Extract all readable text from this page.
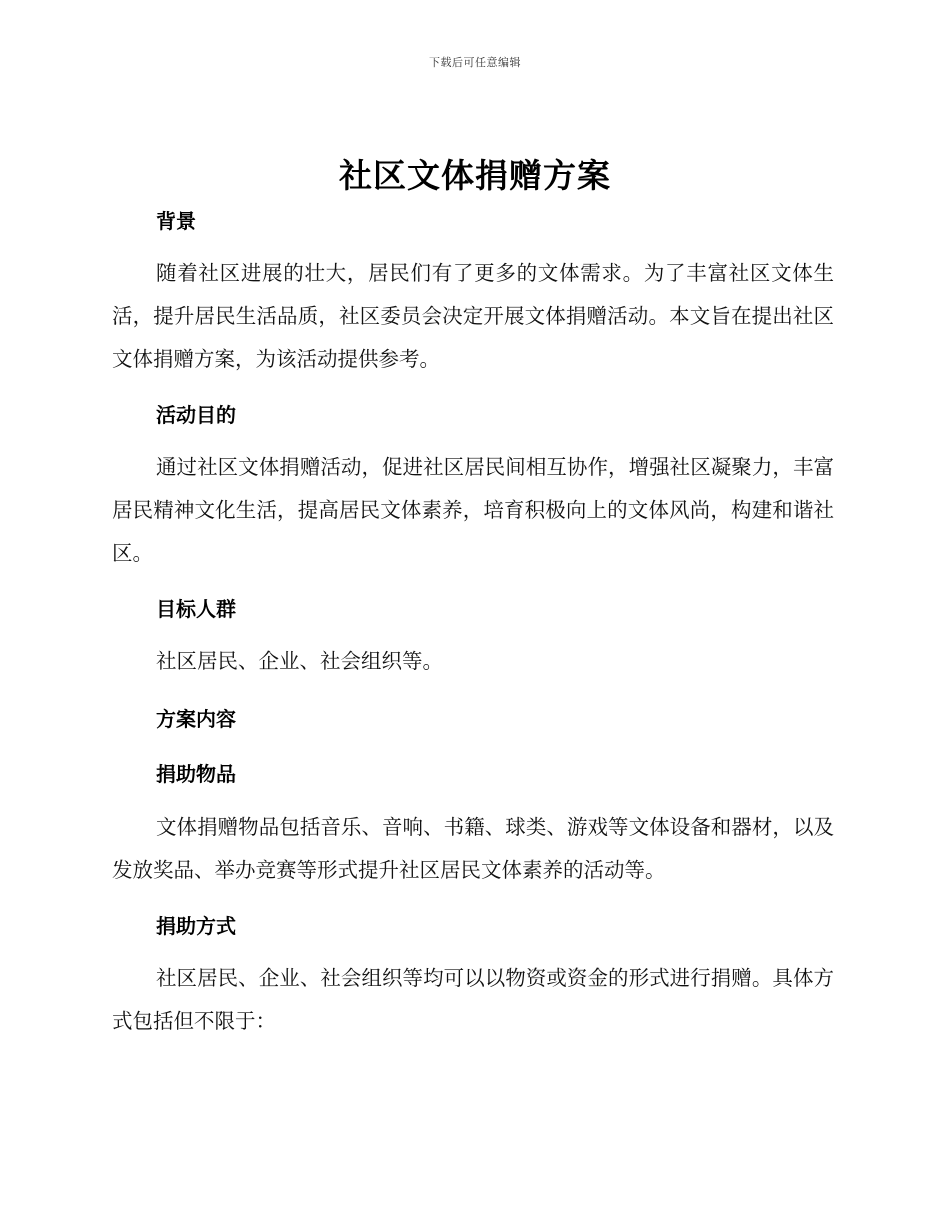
下载后可任意编辑
社区文体捐赠方案
背景
随着社区进展的壮大，居民们有了更多的文体需求。为了丰富社区文体生活，提升居民生活品质，社区委员会决定开展文体捐赠活动。本文旨在提出社区文体捐赠方案，为该活动提供参考。
活动目的
通过社区文体捐赠活动，促进社区居民间相互协作，增强社区凝聚力，丰富居民精神文化生活，提高居民文体素养，培育积极向上的文体风尚，构建和谐社区。
目标人群
社区居民、企业、社会组织等。
方案内容
捐助物品
文体捐赠物品包括音乐、音响、书籍、球类、游戏等文体设备和器材，以及发放奖品、举办竞赛等形式提升社区居民文体素养的活动等。
捐助方式
社区居民、企业、社会组织等均可以以物资或资金的形式进行捐赠。具体方式包括但不限于：
